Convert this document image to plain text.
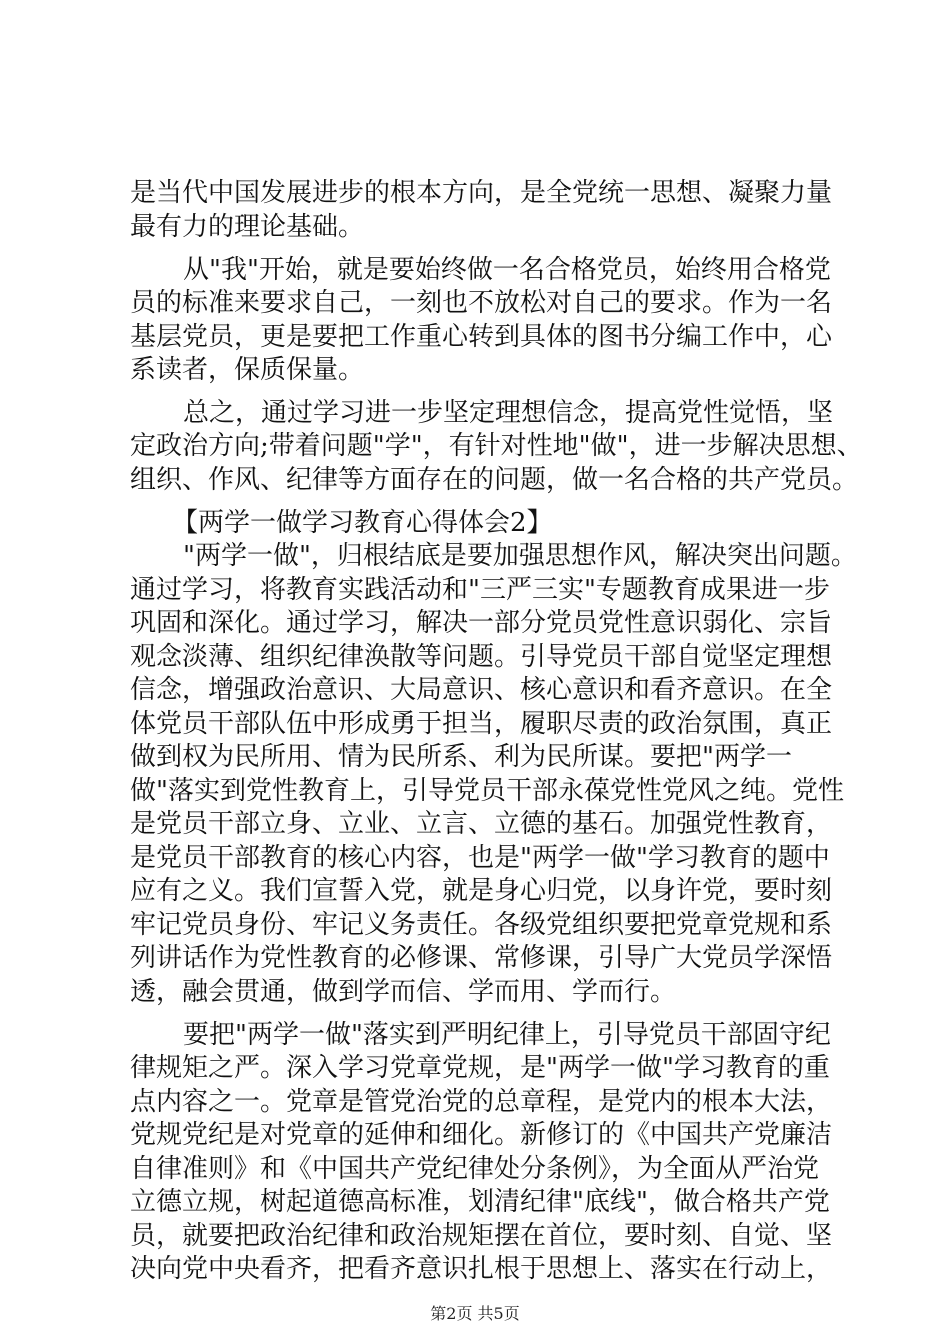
是当代中国发展进步的根本方向，是全党统一思想、凝聚力量
最有力的理论基础。
从"我"开始，就是要始终做一名合格党员，始终用合格党
员的标准来要求自己，一刻也不放松对自己的要求。作为一名
基层党员，更是要把工作重心转到具体的图书分编工作中，心
系读者，保质保量。
总之，通过学习进一步坚定理想信念，提高党性觉悟，坚
定政治方向;带着问题"学"，有针对性地"做"，进一步解决思想、
组织、作风、纪律等方面存在的问题，做一名合格的共产党员。
【两学一做学习教育心得体会2】
"两学一做"，归根结底是要加强思想作风，解决突出问题。
通过学习，将教育实践活动和"三严三实"专题教育成果进一步
巩固和深化。通过学习，解决一部分党员党性意识弱化、宗旨
观念淡薄、组织纪律涣散等问题。引导党员干部自觉坚定理想
信念，增强政治意识、大局意识、核心意识和看齐意识。在全
体党员干部队伍中形成勇于担当，履职尽责的政治氛围，真正
做到权为民所用、情为民所系、利为民所谋。要把"两学一
做"落实到党性教育上，引导党员干部永葆党性党风之纯。党性
是党员干部立身、立业、立言、立德的基石。加强党性教育，
是党员干部教育的核心内容，也是"两学一做"学习教育的题中
应有之义。我们宣誓入党，就是身心归党，以身许党，要时刻
牢记党员身份、牢记义务责任。各级党组织要把党章党规和系
列讲话作为党性教育的必修课、常修课，引导广大党员学深悟
透，融会贯通，做到学而信、学而用、学而行。
要把"两学一做"落实到严明纪律上，引导党员干部固守纪
律规矩之严。深入学习党章党规，是"两学一做"学习教育的重
点内容之一。党章是管党治党的总章程，是党内的根本大法，
党规党纪是对党章的延伸和细化。新修订的《中国共产党廉洁
自律准则》和《中国共产党纪律处分条例》，为全面从严治党
立德立规，树起道德高标准，划清纪律"底线"，做合格共产党
员，就要把政治纪律和政治规矩摆在首位，要时刻、自觉、坚
决向党中央看齐，把看齐意识扎根于思想上、落实在行动上，
第2页 共5页
